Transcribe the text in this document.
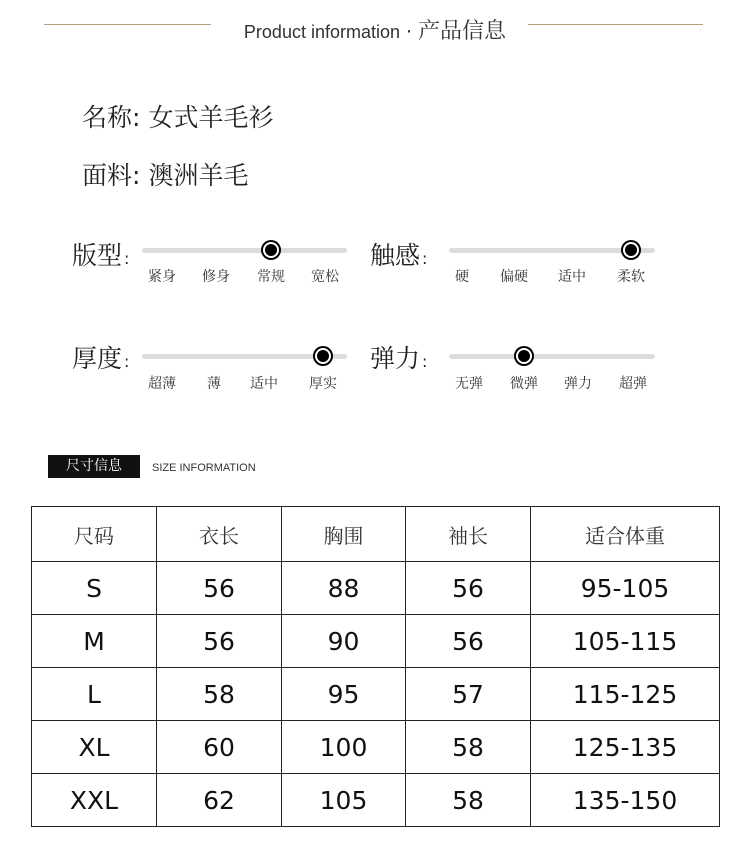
Product information · 产品信息
名称: 女式羊毛衫
面料: 澳洲羊毛
版型 :
紧身 修身 常规 宽松
触感 :
硬 偏硬 适中 柔软
厚度 :
超薄 薄 适中 厚实
弹力 :
无弹 微弹 弹力 超弹
尺寸信息	SIZE INFORMATION
尺码	衣长	胸围	袖长	适合体重
S	56	88	56	95-105
M	56	90	56	105-115
L	58	95	57	115-125
XL	60	100	58	125-135
XXL	62	105	58	135-150
